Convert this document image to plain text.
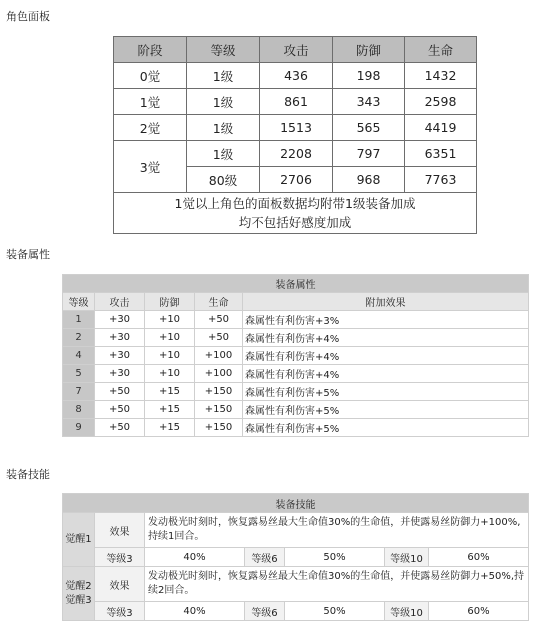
角色面板
阶段	等级	攻击	防御	生命
0觉	1级	436	198	1432
1觉	1级	861	343	2598
2觉	1级	1513	565	4419
3觉	1级	2208	797	6351
	80级	2706	968	7763

1觉以上角色的面板数据均附带1级装备加成
均不包括好感度加成				
装备属性
装备属性				
等级	攻击	防御	生命	附加效果
1	+30	+10	+50	森属性有利伤害+3%
2	+30	+10	+50	森属性有利伤害+4%
4	+30	+10	+100	森属性有利伤害+4%
5	+30	+10	+100	森属性有利伤害+4%
7	+50	+15	+150	森属性有利伤害+5%
8	+50	+15	+150	森属性有利伤害+5%
9	+50	+15	+150	森属性有利伤害+5%
装备技能
装备技能						
觉醒1	效果	发动极光时刻时，恢复露易丝最大生命值30%的生命值，并使露易丝防御力+100%,持续1回合。				
	等级3	40%	等级6	50%	等级10	60%

觉醒2
觉醒3	效果	发动极光时刻时，恢复露易丝最大生命值30%的生命值，并使露易丝防御力+50%,持续2回合。				
	等级3	40%	等级6	50%	等级10	60%
